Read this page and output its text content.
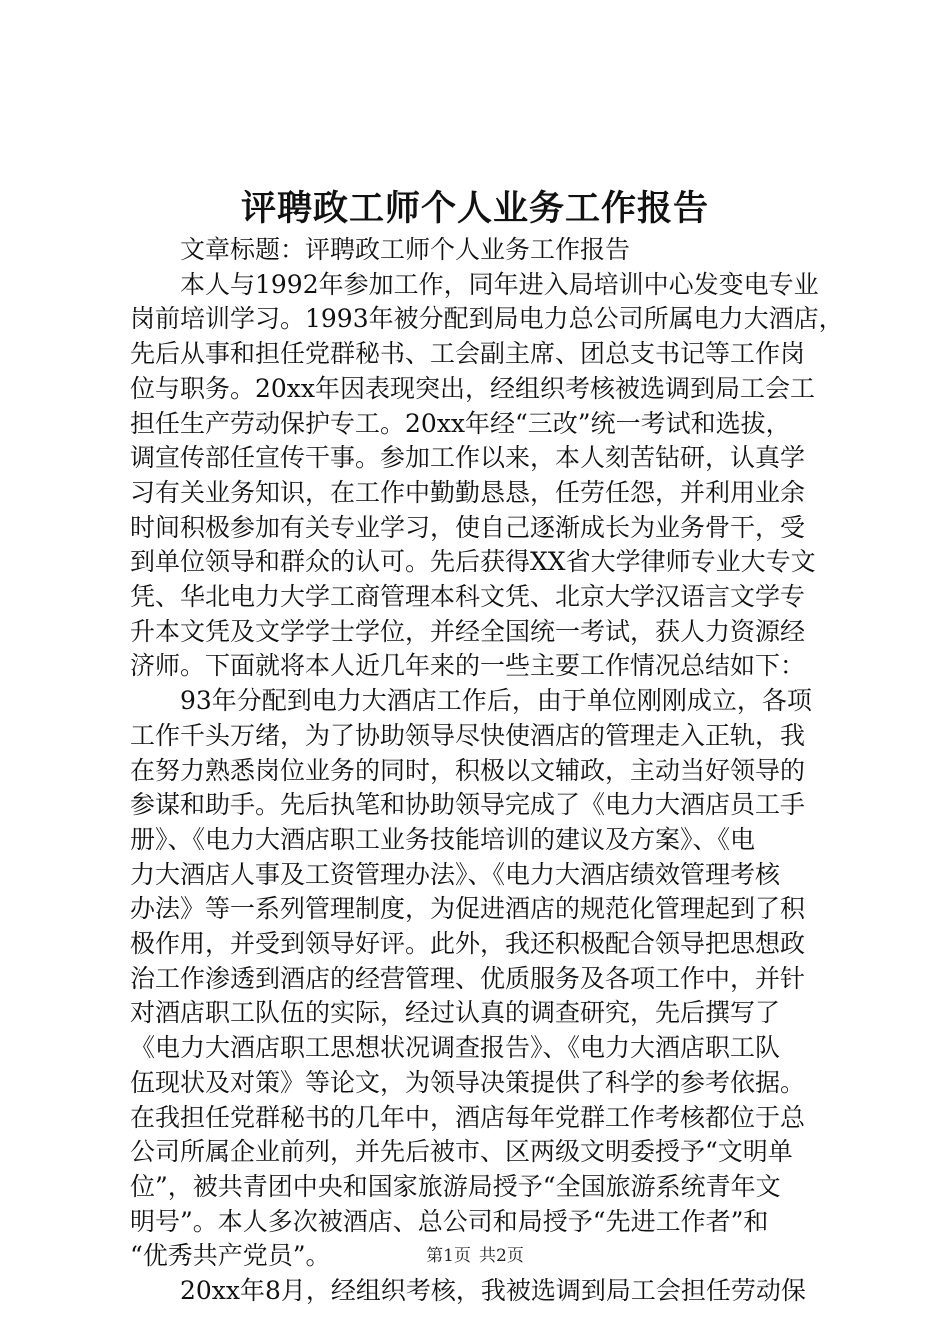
评聘政工师个人业务工作报告
文章标题：评聘政工师个人业务工作报告
本人与1992年参加工作，同年进入局培训中心发变电专业
岗前培训学习。1993年被分配到局电力总公司所属电力大酒店，
先后从事和担任党群秘书、工会副主席、团总支书记等工作岗
位与职务。20xx年因表现突出，经组织考核被选调到局工会工
担任生产劳动保护专工。20xx年经“三改”统一考试和选拔，
调宣传部任宣传干事。参加工作以来，本人刻苦钻研，认真学
习有关业务知识，在工作中勤勤恳恳，任劳任怨，并利用业余
时间积极参加有关专业学习，使自己逐渐成长为业务骨干，受
到单位领导和群众的认可。先后获得XX省大学律师专业大专文
凭、华北电力大学工商管理本科文凭、北京大学汉语言文学专
升本文凭及文学学士学位，并经全国统一考试，获人力资源经
济师。下面就将本人近几年来的一些主要工作情况总结如下：
93年分配到电力大酒店工作后，由于单位刚刚成立，各项
工作千头万绪，为了协助领导尽快使酒店的管理走入正轨，我
在努力熟悉岗位业务的同时，积极以文辅政，主动当好领导的
参谋和助手。先后执笔和协助领导完成了《电力大酒店员工手
册》、《电力大酒店职工业务技能培训的建议及方案》、《电
力大酒店人事及工资管理办法》、《电力大酒店绩效管理考核
办法》等一系列管理制度，为促进酒店的规范化管理起到了积
极作用，并受到领导好评。此外，我还积极配合领导把思想政
治工作渗透到酒店的经营管理、优质服务及各项工作中，并针
对酒店职工队伍的实际，经过认真的调查研究，先后撰写了
《电力大酒店职工思想状况调查报告》、《电力大酒店职工队
伍现状及对策》等论文，为领导决策提供了科学的参考依据。
在我担任党群秘书的几年中，酒店每年党群工作考核都位于总
公司所属企业前列，并先后被市、区两级文明委授予“文明单
位”，被共青团中央和国家旅游局授予“全国旅游系统青年文
明号”。本人多次被酒店、总公司和局授予“先进工作者”和
“优秀共产党员”。
20xx年8月，经组织考核，我被选调到局工会担任劳动保
第1页 共2页
